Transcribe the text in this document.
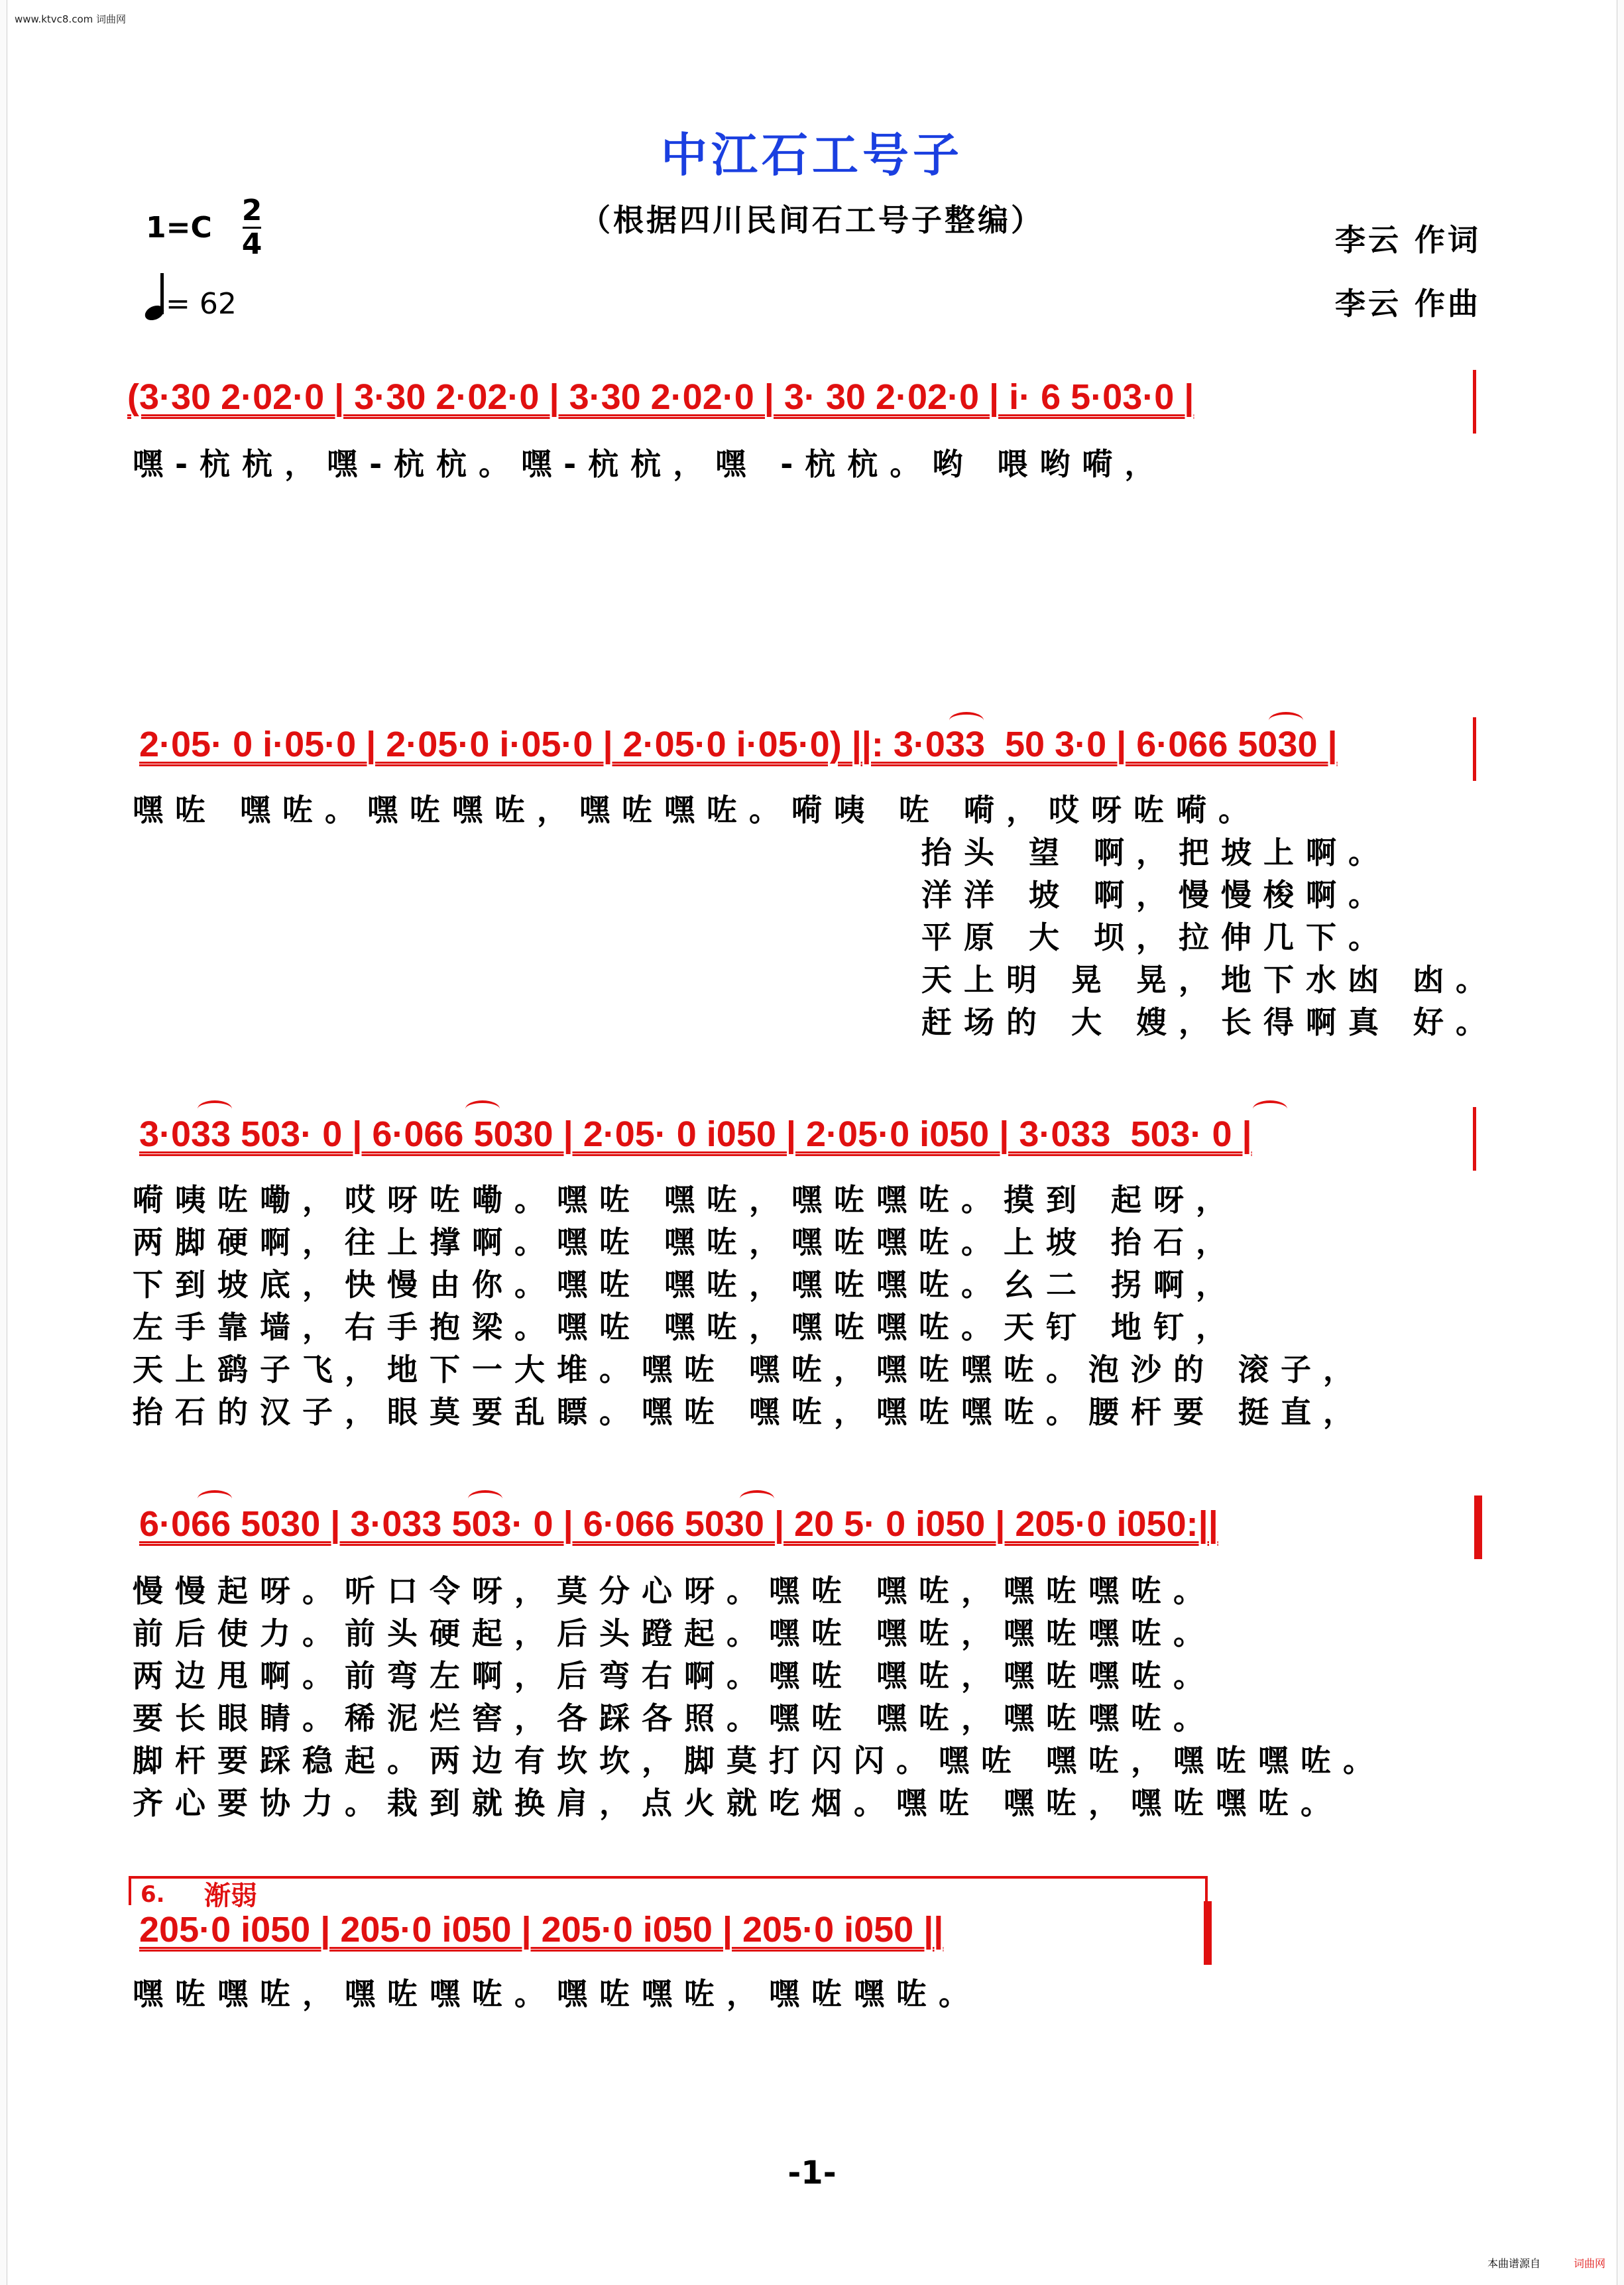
www.ktvc8.com 词曲网
中江石工号子
（根据四川民间石工号子整编）
1=C
2
4
= 62
李云 作词
李云 作曲
(3·30 2·02·0 | 3·30 2·02·0 | 3·30 2·02·0 | 3· 30 2·02·0 | i· 6 5·03·0 |
嘿-杭杭，嘿-杭杭。嘿-杭杭，嘿 -杭杭。哟 喂哟嗬，
2·05· 0 i·05·0 | 2·05·0 i·05·0 | 2·05·0 i·05·0) ||: 3·033  50 3·0 | 6·066 5030 |
嘿咗 嘿咗。嘿咗嘿咗，嘿咗嘿咗。嗬咦 咗 嗬，哎呀咗嗬。
抬头 望 啊，把坡上啊。
洋洋 坡 啊，慢慢梭啊。
平原 大 坝，拉伸几下。
天上明 晃 晃，地下水凼 凼。
赶场的 大 嫂，长得啊真 好。
3·033 503· 0 | 6·066 5030 | 2·05· 0 i050 | 2·05·0 i050 | 3·033  503· 0 |
嗬咦咗嘞，哎呀咗嘞。嘿咗 嘿咗，嘿咗嘿咗。摸到 起呀，
两脚硬啊，往上撑啊。嘿咗 嘿咗，嘿咗嘿咗。上坡 抬石，
下到坡底，快慢由你。嘿咗 嘿咗，嘿咗嘿咗。幺二 拐啊，
左手靠墙，右手抱梁。嘿咗 嘿咗，嘿咗嘿咗。天钉 地钉，
天上鹞子飞，地下一大堆。嘿咗 嘿咗，嘿咗嘿咗。泡沙的 滚子，
抬石的汉子，眼莫要乱瞟。嘿咗 嘿咗，嘿咗嘿咗。腰杆要 挺直，
6·066 5030 | 3·033 503· 0 | 6·066 5030 | 20 5· 0 i050 | 205·0 i050:||
慢慢起呀。听口令呀，莫分心呀。嘿咗 嘿咗，嘿咗嘿咗。
前后使力。前头硬起，后头蹬起。嘿咗 嘿咗，嘿咗嘿咗。
两边甩啊。前弯左啊，后弯右啊。嘿咗 嘿咗，嘿咗嘿咗。
要长眼睛。稀泥烂窖，各踩各照。嘿咗 嘿咗，嘿咗嘿咗。
脚杆要踩稳起。两边有坎坎，脚莫打闪闪。嘿咗 嘿咗，嘿咗嘿咗。
齐心要协力。栽到就换肩，点火就吃烟。嘿咗 嘿咗，嘿咗嘿咗。
6. 渐弱
205·0 i050 | 205·0 i050 | 205·0 i050 | 205·0 i050 ||
嘿咗嘿咗，嘿咗嘿咗。嘿咗嘿咗，嘿咗嘿咗。
-1-
本曲谱源自	词曲网
